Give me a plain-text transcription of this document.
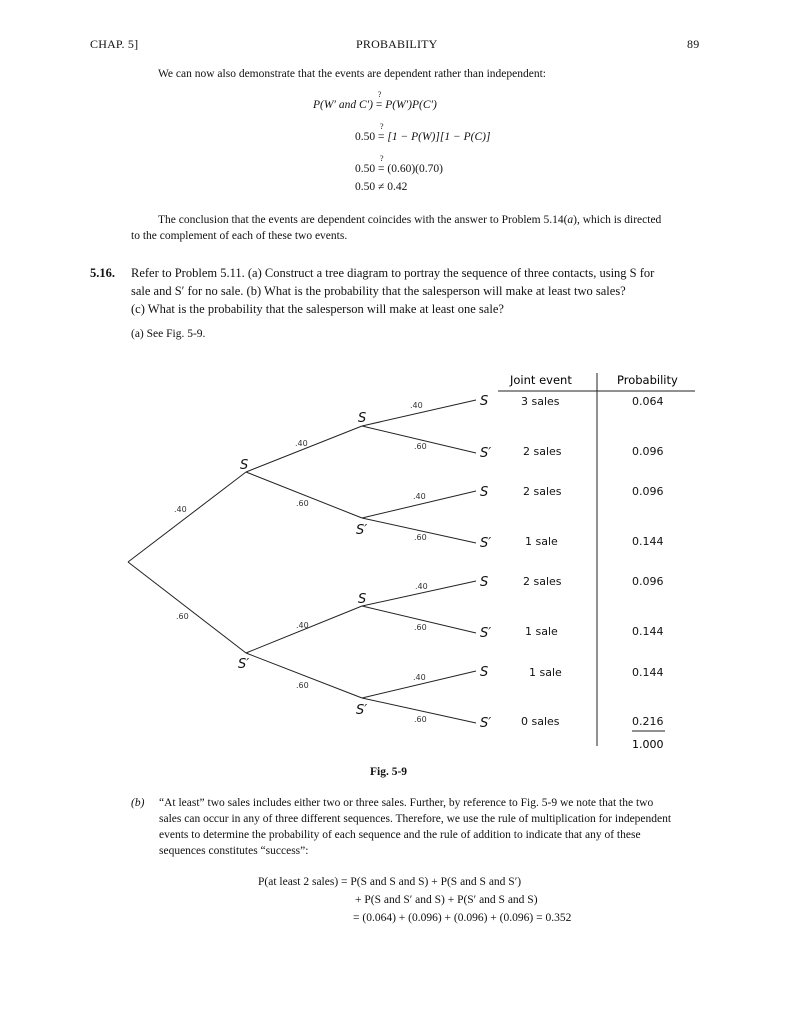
CHAP. 5]	PROBABILITY	89
We can now also demonstrate that the events are dependent rather than independent:
P(W′ and C′) =
?
P(W′)P(C′)
0.50 =
?
[1 − P(W)][1 − P(C)]
0.50 =
?
(0.60)(0.70)
0.50 ≠ 0.42
The conclusion that the events are dependent coincides with the answer to Problem 5.14(a), which is directed
to the complement of each of these two events.
5.16. Refer to Problem 5.11. (a) Construct a tree diagram to portray the sequence of three contacts, using S for
sale and S′ for no sale. (b) What is the probability that the salesperson will make at least two sales?
(c) What is the probability that the salesperson will make at least one sale?
(a) See Fig. 5-9.
.40
.60
.40
.60
.40
.60
.40
.60
.40
.60
.40
.60
.40
.60
S
S′
S
S′
S
S′
S
S′
S
S′
S
S′
S
S′
Joint event	Probability
3 sales	0.064
2 sales	0.096
2 sales	0.096
1 sale	0.144
2 sales	0.096
1 sale	0.144
1 sale	0.144
0 sales	0.216
1.000
Fig. 5-9
(b) “At least” two sales includes either two or three sales. Further, by reference to Fig. 5-9 we note that the two
sales can occur in any of three different sequences. Therefore, we use the rule of multiplication for independent
events to determine the probability of each sequence and the rule of addition to indicate that any of these
sequences constitutes “success”:
P(at least 2 sales) = P(S and S and S) + P(S and S and S′)
+ P(S and S′ and S) + P(S′ and S and S)
= (0.064) + (0.096) + (0.096) + (0.096) = 0.352
